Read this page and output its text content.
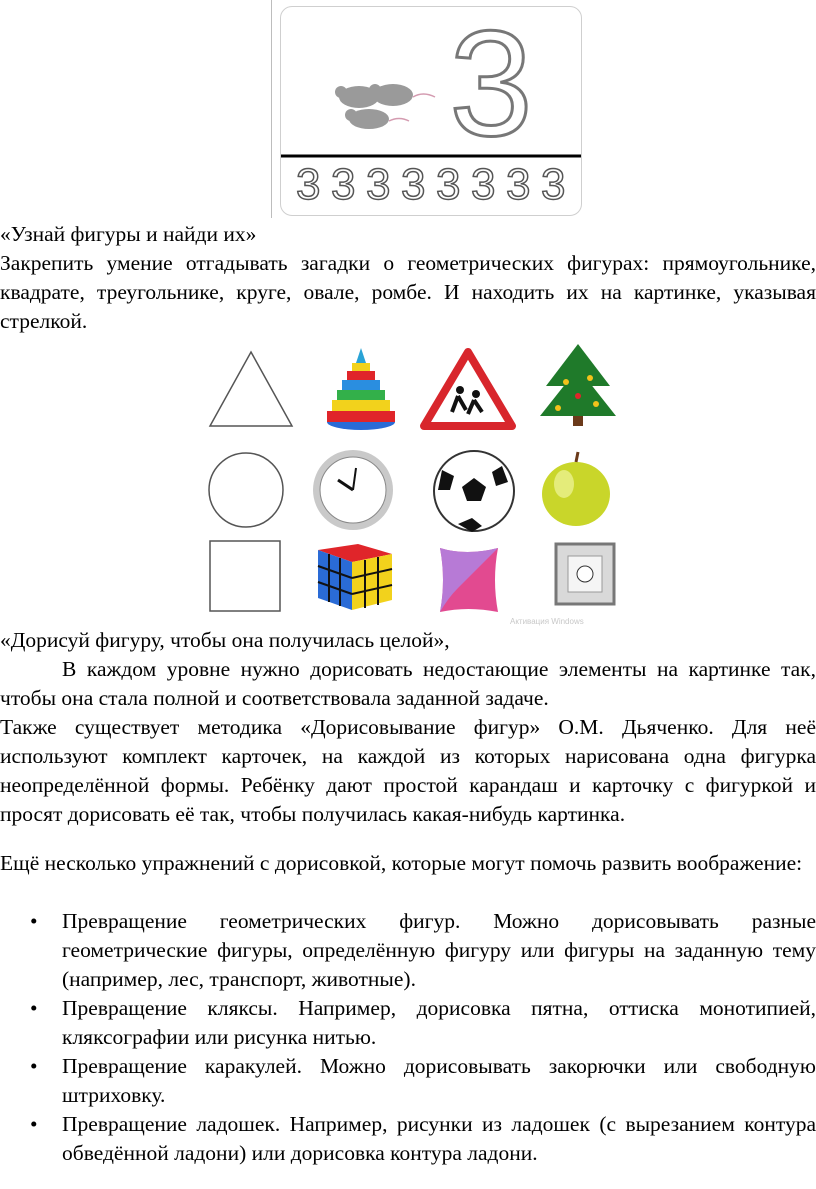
3
3 3 3 3 3 3 3 3
«Узнай фигуры и найди их»
Закрепить умение отгадывать загадки о геометрических фигурах: прямоугольнике, квадрате, треугольнике, круге, овале, ромбе. И находить их на картинке, указывая стрелкой.
Активация Windows
«Дорисуй фигуру, чтобы она получилась целой»,
В каждом уровне нужно дорисовать недостающие элементы на картинке так, чтобы она стала полной и соответствовала заданной задаче.
Также существует методика «Дорисовывание фигур» О.М. Дьяченко. Для неё используют комплект карточек, на каждой из которых нарисована одна фигурка неопределённой формы. Ребёнку дают простой карандаш и карточку с фигуркой и просят дорисовать её так, чтобы получилась какая-нибудь картинка.
Ещё несколько упражнений с дорисовкой, которые могут помочь развить воображение:
• Превращение геометрических фигур. Можно дорисовывать разные геометрические фигуры, определённую фигуру или фигуры на заданную тему (например, лес, транспорт, животные).
• Превращение кляксы. Например, дорисовка пятна, оттиска монотипией, кляксографии или рисунка нитью.
• Превращение каракулей. Можно дорисовывать закорючки или свободную штриховку.
• Превращение ладошек. Например, рисунки из ладошек (с вырезанием контура обведённой ладони) или дорисовка контура ладони.
